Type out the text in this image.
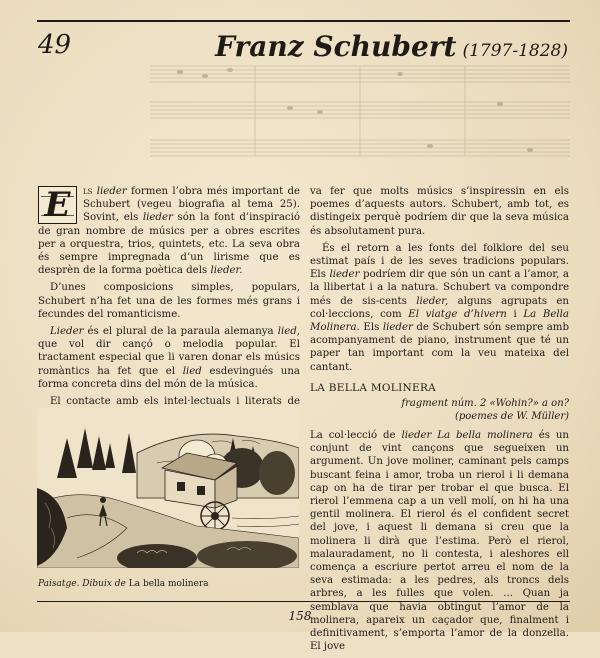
49	Franz Schubert (1797-1828)

E	ls lieder formen l’obra més important de Schubert (vegeu biografia al tema 25). Sovint, els lieder són la font d’inspiració de gran nombre de músics per a obres escrites per a orquestra, trios, quintets, etc. La seva obra és sempre impregnada d’un lirisme que es desprèn de la forma poètica dels lieder.

D’unes composicions simples, populars, Schubert n’ha fet una de les formes més grans i fecundes del romanticisme.

Lieder és el plural de la paraula alemanya lied, que vol dir cançó o melodia popular. El tractament especial que li varen donar els músics romàntics ha fet que el lied esdevingués una forma concreta dins del món de la música.

El contacte amb els intel·lectuals i literats de

va fer que molts músics s’inspiressin en els poemes d’aquests autors. Schubert, amb tot, es distingeix perquè podríem dir que la seva música és absolutament pura.

És el retorn a les fonts del folklore del seu estimat país i de les seves tradicions populars. Els lieder podríem dir que són un cant a l’amor, a la llibertat i a la natura. Schubert va compondre més de sis-cents lieder, alguns agrupats en col·leccions, com El viatge d’hivern i La Bella Molinera. Els lieder de Schubert són sempre amb acompanyament de piano, instrument que té un paper tan important com la veu mateixa del cantant.

LA BELLA MOLINERA
fragment núm. 2 «Wohin?» a on?
(poemes de W. Müller)

La col·lecció de lieder La bella molinera és un conjunt de vint cançons que segueixen un argument. Un jove moliner, caminant pels camps buscant feina i amor, troba un rierol i li demana cap on ha de tirar per trobar el que busca. El rierol l’emmena cap a un vell molí, on hi ha una gentil molinera. El rierol és el confident secret del jove, i aquest li demana si creu que la molinera li dirà que l’estima. Però el rierol, malauradament, no li contesta, i aleshores ell comença a escriure pertot arreu el nom de la seva estimada: a les pedres, als troncs dels arbres, a les fulles que volen. ... Quan ja semblava que havia obtingut l’amor de la molinera, apareix un caçador que, finalment i definitivament, s’emporta l’amor de la donzella. El jove

Paisatge. Dibuix de La bella molinera
158
